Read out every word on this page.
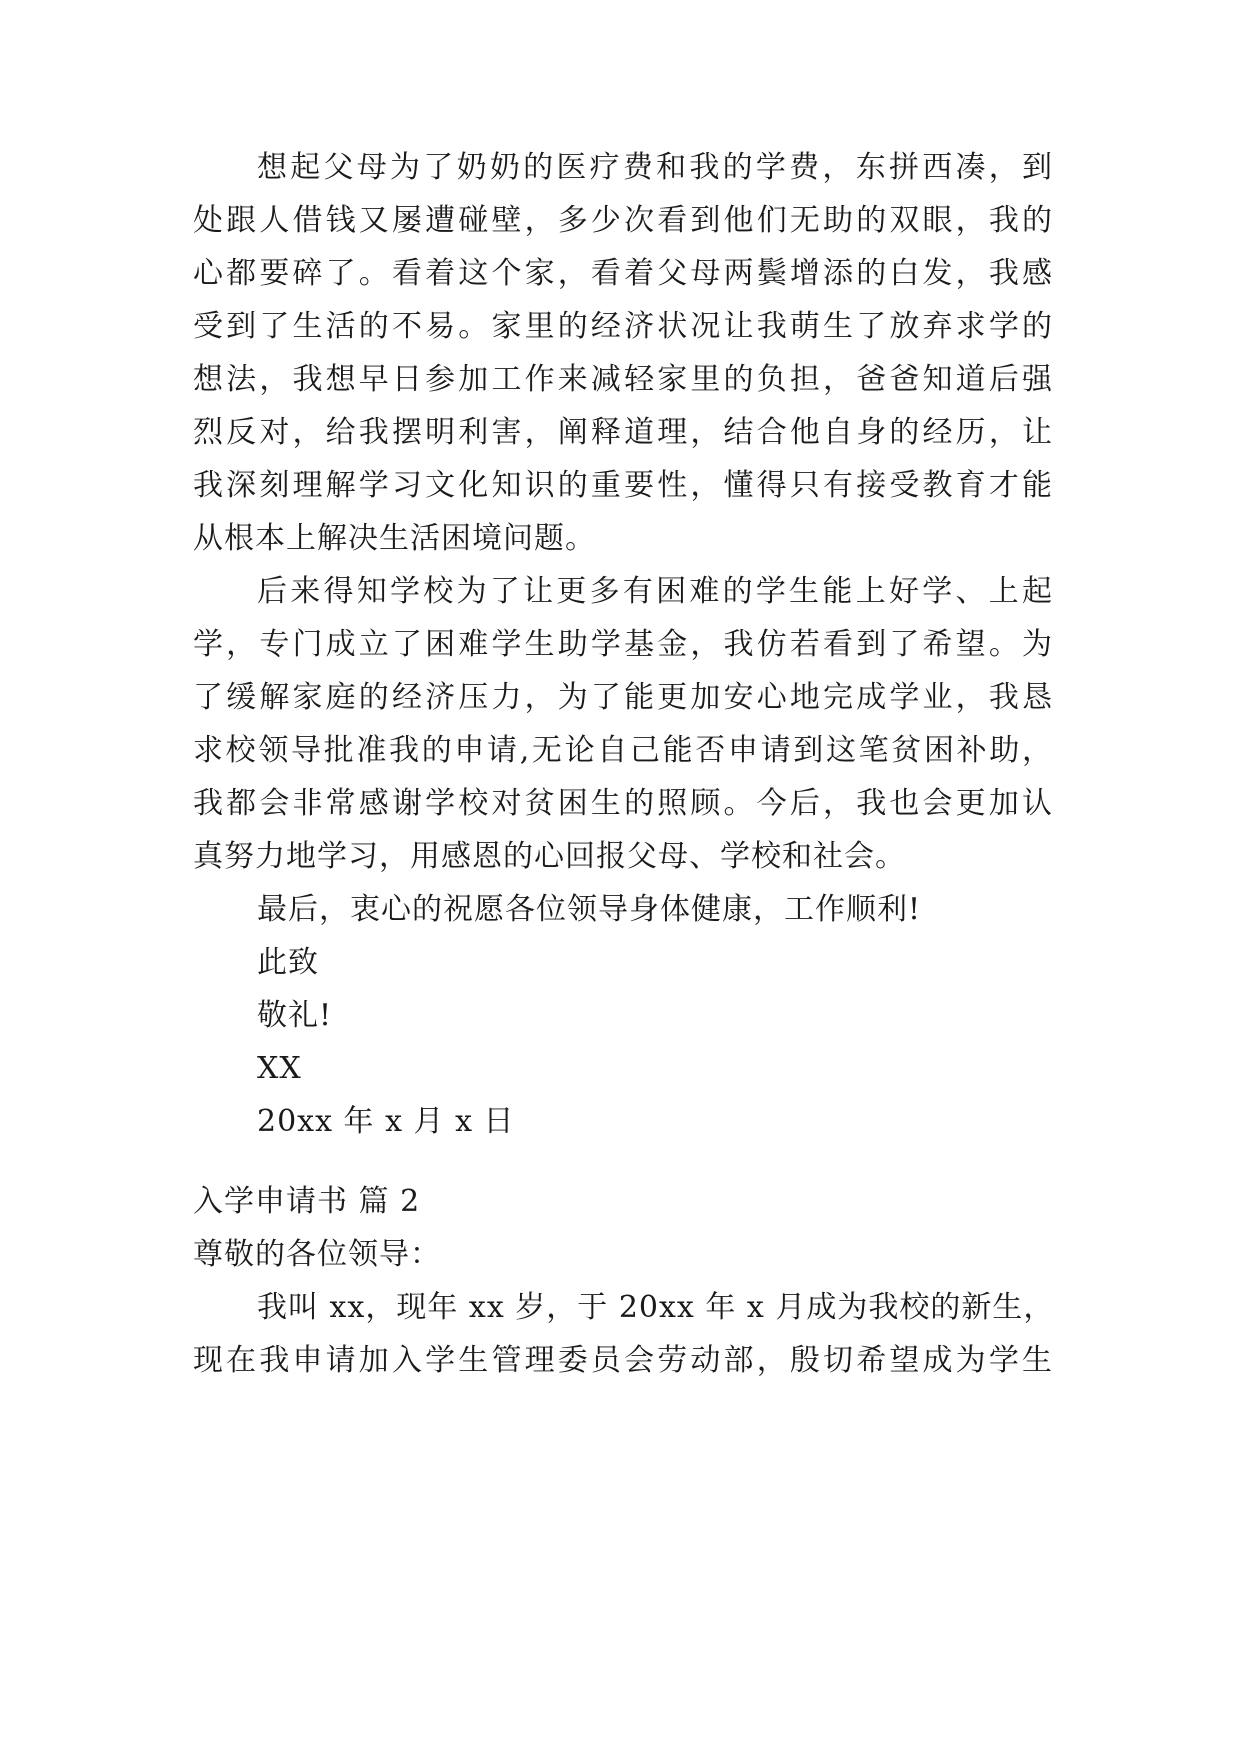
想起父母为了奶奶的医疗费和我的学费，东拼西凑，到
处跟人借钱又屡遭碰壁，多少次看到他们无助的双眼，我的
心都要碎了。看着这个家，看着父母两鬓增添的白发，我感
受到了生活的不易。家里的经济状况让我萌生了放弃求学的
想法，我想早日参加工作来减轻家里的负担，爸爸知道后强
烈反对，给我摆明利害，阐释道理，结合他自身的经历，让
我深刻理解学习文化知识的重要性，懂得只有接受教育才能
从根本上解决生活困境问题。
后来得知学校为了让更多有困难的学生能上好学、上起
学，专门成立了困难学生助学基金，我仿若看到了希望。为
了缓解家庭的经济压力，为了能更加安心地完成学业，我恳
求校领导批准我的申请,无论自己能否申请到这笔贫困补助，
我都会非常感谢学校对贫困生的照顾。今后，我也会更加认
真努力地学习，用感恩的心回报父母、学校和社会。
最后，衷心的祝愿各位领导身体健康，工作顺利!
此致
敬礼!
XX
20xx 年 x 月 x 日
入学申请书 篇 2
尊敬的各位领导：
我叫 xx，现年 xx 岁，于 20xx 年 x 月成为我校的新生，
现在我申请加入学生管理委员会劳动部，殷切希望成为学生
